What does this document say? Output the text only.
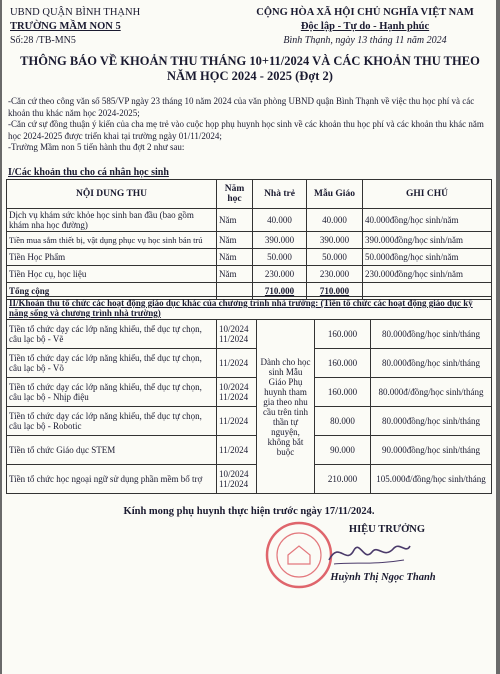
UBND QUẬN BÌNH THẠNH
TRƯỜNG MẦM NON 5
Số:28 /TB-MN5
CỘNG HÒA XÃ HỘI CHỦ NGHĨA VIỆT NAM
Độc lập - Tự do - Hạnh phúc
Bình Thạnh, ngày 13 tháng 11 năm 2024
THÔNG BÁO VỀ KHOẢN THU THÁNG 10+11/2024 VÀ CÁC KHOẢN THU THEO
NĂM HỌC 2024 - 2025 (Đợt 2)
-Căn cứ theo công văn số 585/VP ngày 23 tháng 10 năm 2024 của văn phòng UBND quận Bình Thạnh về việc thu học phí và các khoản thu khác năm học 2024-2025;
-Căn cứ sự đồng thuận ý kiến của cha mẹ trẻ vào cuộc họp phụ huynh học sinh về các khoản thu học phí và các khoản thu khác năm học 2024-2025 được triển khai tại trường ngày 01/11/2024;
-Trường Mầm non 5 tiến hành thu đợt 2 như sau:
I/Các khoản thu cho cá nhân học sinh
NỘI DUNG THU	Năm học	Nhà trẻ	Mẫu Giáo	GHI CHÚ
Dịch vụ khám sức khỏe học sinh ban đầu (bao gồm khám nha học đường)	Năm	40.000	40.000	40.000đồng/học sinh/năm
Tiền mua sắm thiết bị, vật dụng phục vụ học sinh bán trú	Năm	390.000	390.000	390.000đồng/học sinh/năm
Tiền Học Phẩm	Năm	50.000	50.000	50.000đồng/học sinh/năm
Tiền Học cụ, học liệu	Năm	230.000	230.000	230.000đồng/học sinh/năm
Tổng cộng		710.000	710.000	
II/Khoản thu tổ chức các hoạt động giáo dục khác của chương trình nhà trường: (Tiền tổ chức các hoạt động giáo dục kỹ năng sống và chương trình nhà trường)				
Tiền tổ chức dạy các lớp năng khiếu, thể dục tự chọn, câu lạc bộ - Vẽ	10/2024
11/2024	Dành cho học sinh Mẫu Giáo Phụ huynh tham gia theo nhu cầu trên tinh thần tự nguyện, không bắt buộc	160.000	80.000đồng/học sinh/tháng
Tiền tổ chức dạy các lớp năng khiếu, thể dục tự chọn, câu lạc bộ - Võ	11/2024		160.000	80.000đồng/học sinh/tháng
Tiền tổ chức dạy các lớp năng khiếu, thể dục tự chọn, câu lạc bộ - Nhịp điệu	10/2024
11/2024		160.000	80.000đ/đồng/học sinh/tháng
Tiền tổ chức dạy các lớp năng khiếu, thể dục tự chọn, câu lạc bộ - Robotic	11/2024		80.000	80.000đồng/học sinh/tháng
Tiền tổ chức Giáo dục STEM	11/2024		90.000	90.000đồng/học sinh/tháng
Tiền tổ chức học ngoại ngữ sử dụng phần mềm bổ trợ	10/2024
11/2024		210.000	105.000đ/đồng/học sinh/tháng
Kính mong phụ huynh thực hiện trước ngày 17/11/2024.
HIỆU TRƯỞNG
Huỳnh Thị Ngọc Thanh
